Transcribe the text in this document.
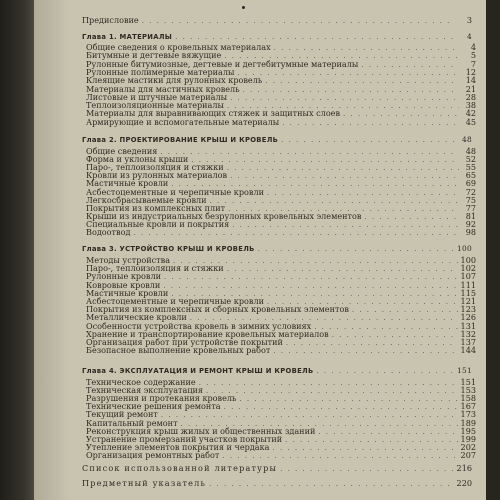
Предисловие . . .	3
Глава 1. МАТЕРИАЛЫ . . .	4
Общие сведения о кровельных материалах . . .	4
Битумные и дегтевые вяжущие . . .	5
Рулонные битумиозные, дегтевые и дегтебитумные материалы . . .	7
Рулонные полимерные материалы . . .	12
Клеящие мастики для рулонных кровель . . .	14
Материалы для мастичных кровель . . .	21
Листовые и штучные материалы . . .	28
Теплоизоляционные материалы . . .	38
Материалы для выравнивающих стяжек и защитных слоев . . .	42
Армирующие и вспомогательные материалы . . .	45
Глава 2. ПРОЕКТИРОВАНИЕ КРЫШ И КРОВЕЛЬ . . .	48
Общие сведения . . .	48
Форма и уклоны крыши . . .	52
Паро-, теплоизоляция и стяжки . . .	55
Кровли из рулонных материалов . . .	65
Мастичные кровли . . .	69
Асбестоцементные и черепичные кровли . . .	72
Легкосбрасываемые кровли . . .	75
Покрытия из комплексных плит . . .	77
Крыши из индустриальных безрулонных кровельных элементов . . .	81
Специальные кровли и покрытия . . .	92
Водоотвод . . .	98
Глава 3. УСТРОЙСТВО КРЫШ И КРОВЕЛЬ . . .	100
Методы устройства . . .	100
Паро-, теплоизоляция и стяжки . . .	102
Рулонные кровли . . .	107
Ковровые кровли . . .	111
Мастичные кровли . . .	115
Асбестоцементные и черепичные кровли . . .	121
Покрытия из комплексных и сборных кровельных элементов . . .	123
Металлические кровли . . .	126
Особенности устройства кровель в зимних условиях . . .	131
Хранение и транспортирование кровельных материалов . . .	132
Организация работ при устройстве покрытий . . .	137
Безопасное выполнение кровельных работ . . .	144
Глава 4. ЭКСПЛУАТАЦИЯ И РЕМОНТ КРЫШ И КРОВЕЛЬ . . .	151
Техническое содержание . . .	151
Техническая эксплуатация . . .	153
Разрушения и протекания кровель . . .	158
Технические решения ремонта . . .	167
Текущий ремонт . . .	173
Капитальный ремонт . . .	189
Реконструкция крыш жилых и общественных зданий . . .	195
Устранение промерзаний участков покрытий . . .	199
Утепление элементов покрытия и чердака . . .	202
Организация ремонтных работ . . .	207
Список использованной литературы . . .	216
Предметный указатель . . .	220
